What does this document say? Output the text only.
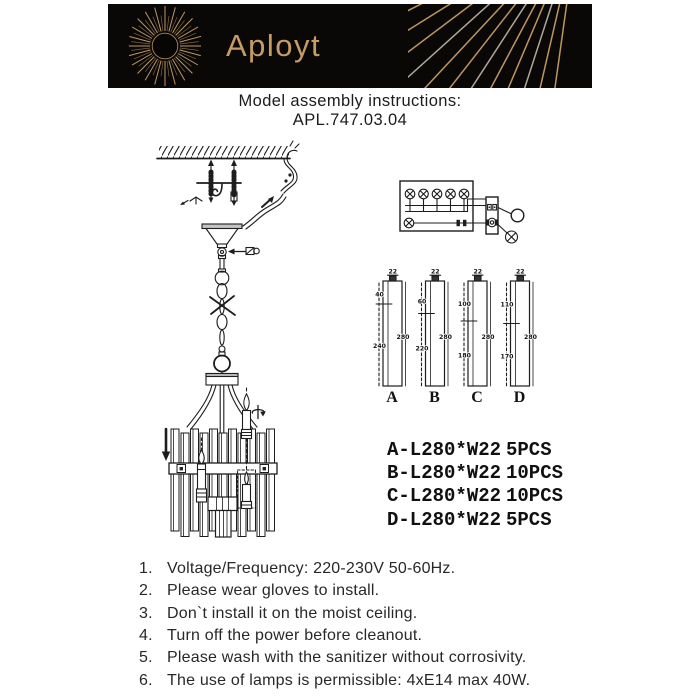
Aployt
Model assembly instructions:
APL.747.03.04
22
40
240
280
A
22
60
220
280
B
22
100
180
280
C
22
110
170
280
D
A-L280*W22 5PCS
B-L280*W22 10PCS
C-L280*W22 10PCS
D-L280*W22 5PCS
1. Voltage/Frequency: 220-230V 50-60Hz.
2. Please wear gloves to install.
3. Don`t install it on the moist ceiling.
4. Turn off the power before cleanout.
5. Please wash with the sanitizer without corrosivity.
6. The use of lamps is permissible: 4xE14 max 40W.
